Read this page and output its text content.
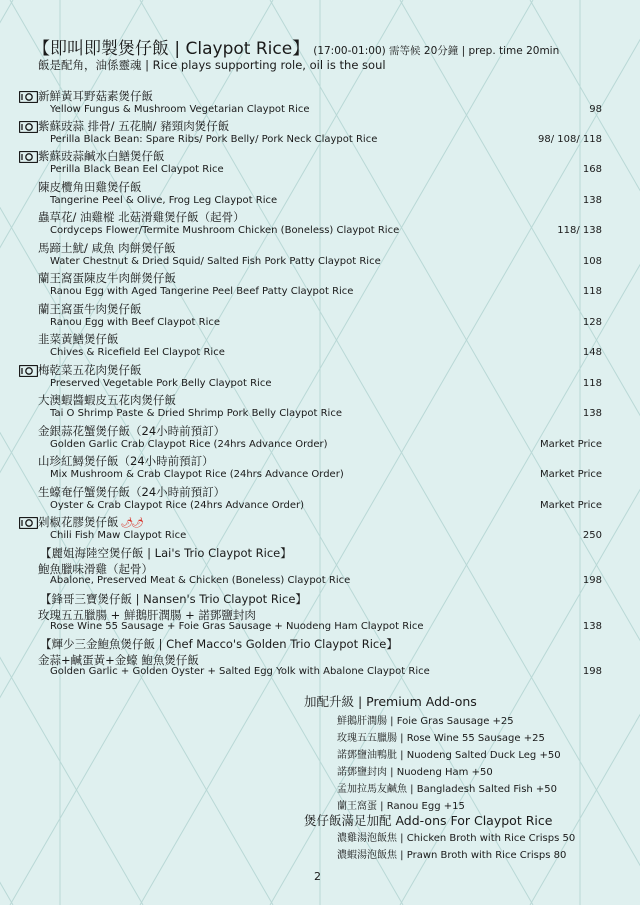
【即叫即製煲仔飯 | Claypot Rice】 (17:00-01:00) 需等候 20分鐘 | prep. time 20min
飯是配角，油係靈魂 | Rice plays supporting role, oil is the soul
新鮮黃耳野菇素煲仔飯
Yellow Fungus & Mushroom Vegetarian Claypot Rice	98
紫蘇豉蒜 排骨/ 五花腩/ 豬頸肉煲仔飯
Perilla Black Bean: Spare Ribs/ Pork Belly/ Pork Neck Claypot Rice	98/ 108/ 118
紫蘇豉蒜鹹水白鱔煲仔飯
Perilla Black Bean Eel Claypot Rice	168
陳皮欖角田雞煲仔飯
Tangerine Peel & Olive, Frog Leg Claypot Rice	138
蟲草花/ 油雞樅 北菇滑雞煲仔飯（起骨）
Cordyceps Flower/Termite Mushroom Chicken (Boneless) Claypot Rice	118/ 138
馬蹄土魷/ 咸魚 肉餅煲仔飯
Water Chestnut & Dried Squid/ Salted Fish Pork Patty Claypot Rice	108
蘭王窩蛋陳皮牛肉餅煲仔飯
Ranou Egg with Aged Tangerine Peel Beef Patty Claypot Rice	118
蘭王窩蛋牛肉煲仔飯
Ranou Egg with Beef Claypot Rice	128
韭菜黃鱔煲仔飯
Chives & Ricefield Eel Claypot Rice	148
梅乾菜五花肉煲仔飯
Preserved Vegetable Pork Belly Claypot Rice	118
大澳蝦醬蝦皮五花肉煲仔飯
Tai O Shrimp Paste & Dried Shrimp Pork Belly Claypot Rice	138
金銀蒜花蟹煲仔飯（24小時前預訂）
Golden Garlic Crab Claypot Rice (24hrs Advance Order)	Market Price
山珍紅鱘煲仔飯（24小時前預訂）
Mix Mushroom & Crab Claypot Rice (24hrs Advance Order)	Market Price
生蠔奄仔蟹煲仔飯（24小時前預訂）
Oyster & Crab Claypot Rice (24hrs Advance Order)	Market Price
剁椒花膠煲仔飯 🌶🌶
Chili Fish Maw Claypot Rice	250
【麗姐海陸空煲仔飯 | Lai's Trio Claypot Rice】
鮑魚臘味滑雞（起骨）
Abalone, Preserved Meat & Chicken (Boneless) Claypot Rice	198
【鋒哥三寶煲仔飯 | Nansen's Trio Claypot Rice】
玫瑰五五臘腸 + 鮮鵝肝潤腸 + 諾鄧鹽封肉
Rose Wine 55 Sausage + Foie Gras Sausage + Nuodeng Ham Claypot Rice	138
【輝少三金鮑魚煲仔飯 | Chef Macco's Golden Trio Claypot Rice】
金蒜+鹹蛋黃+金蠔 鮑魚煲仔飯
Golden Garlic + Golden Oyster + Salted Egg Yolk with Abalone Claypot Rice	198
加配升級 | Premium Add-ons
鮮鵝肝潤腸 | Foie Gras Sausage +25
玫瑰五五臘腸 | Rose Wine 55 Sausage +25
諾鄧鹽油鴨肶 | Nuodeng Salted Duck Leg +50
諾鄧鹽封肉 | Nuodeng Ham +50
孟加拉馬友鹹魚 | Bangladesh Salted Fish +50
蘭王窩蛋 | Ranou Egg +15
煲仔飯滿足加配 Add-ons For Claypot Rice
濃雞湯泡飯焦 | Chicken Broth with Rice Crisps 50
濃蝦湯泡飯焦 | Prawn Broth with Rice Crisps 80
2
